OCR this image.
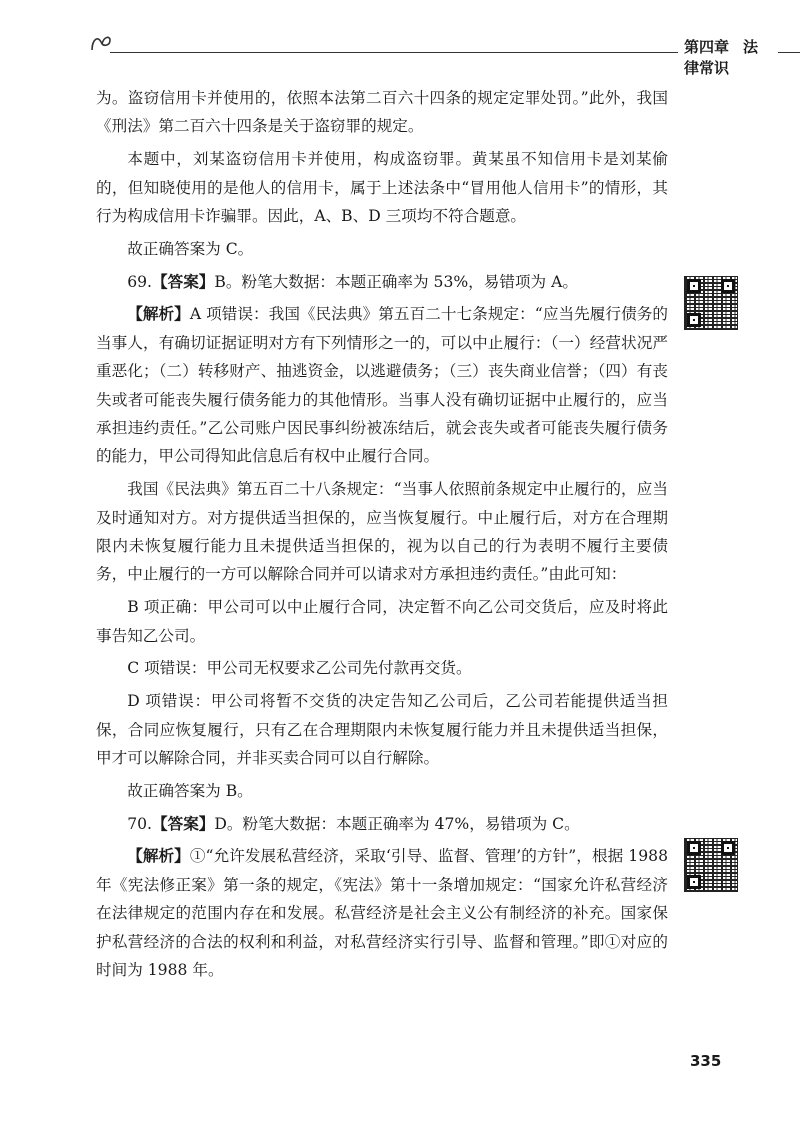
第四章 法律常识

为。盗窃信用卡并使用的，依照本法第二百六十四条的规定定罪处罚。”此外，我国《刑法》第二百六十四条是关于盗窃罪的规定。

本题中，刘某盗窃信用卡并使用，构成盗窃罪。黄某虽不知信用卡是刘某偷的，但知晓使用的是他人的信用卡，属于上述法条中“冒用他人信用卡”的情形，其行为构成信用卡诈骗罪。因此，A、B、D 三项均不符合题意。

故正确答案为 C。

69.【答案】B。粉笔大数据：本题正确率为 53%，易错项为 A。

【解析】A 项错误：我国《民法典》第五百二十七条规定：“应当先履行债务的当事人，有确切证据证明对方有下列情形之一的，可以中止履行：（一）经营状况严重恶化；（二）转移财产、抽逃资金，以逃避债务；（三）丧失商业信誉；（四）有丧失或者可能丧失履行债务能力的其他情形。当事人没有确切证据中止履行的，应当承担违约责任。”乙公司账户因民事纠纷被冻结后，就会丧失或者可能丧失履行债务的能力，甲公司得知此信息后有权中止履行合同。

我国《民法典》第五百二十八条规定：“当事人依照前条规定中止履行的，应当及时通知对方。对方提供适当担保的，应当恢复履行。中止履行后，对方在合理期限内未恢复履行能力且未提供适当担保的，视为以自己的行为表明不履行主要债务，中止履行的一方可以解除合同并可以请求对方承担违约责任。”由此可知：

B 项正确：甲公司可以中止履行合同，决定暂不向乙公司交货后，应及时将此事告知乙公司。

C 项错误：甲公司无权要求乙公司先付款再交货。

D 项错误：甲公司将暂不交货的决定告知乙公司后，乙公司若能提供适当担保，合同应恢复履行，只有乙在合理期限内未恢复履行能力并且未提供适当担保，甲才可以解除合同，并非买卖合同可以自行解除。

故正确答案为 B。

70.【答案】D。粉笔大数据：本题正确率为 47%，易错项为 C。

【解析】①“允许发展私营经济，采取‘引导、监督、管理’的方针”，根据 1988 年《宪法修正案》第一条的规定，《宪法》第十一条增加规定：“国家允许私营经济在法律规定的范围内存在和发展。私营经济是社会主义公有制经济的补充。国家保护私营经济的合法的权利和利益，对私营经济实行引导、监督和管理。”即①对应的时间为 1988 年。

335
